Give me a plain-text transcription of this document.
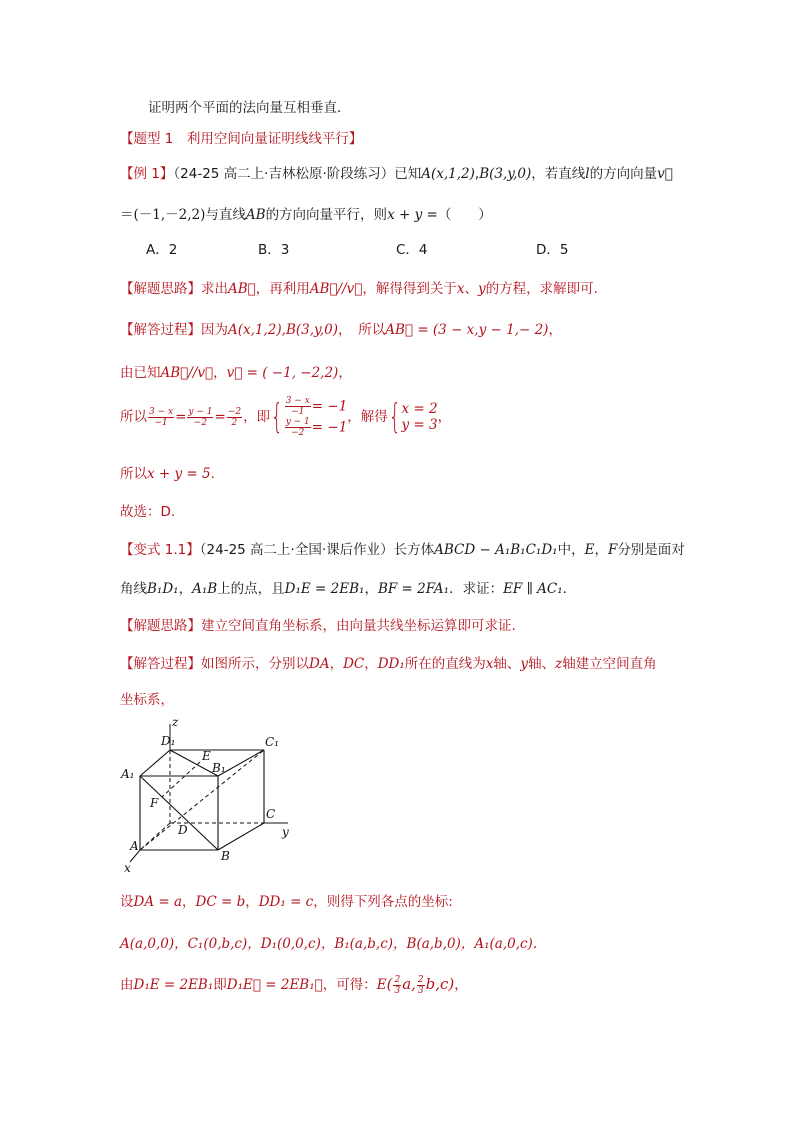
证明两个平面的法向量互相垂直．
【题型 1　利用空间向量证明线线平行】
【例 1】（24-25 高二上·吉林松原·阶段练习）已知A(x,1,2),B(3,y,0)，若直线l的方向向量v⃗
＝(－1,－2,2)与直线AB的方向向量平行，则x + y =（　　）
A．2	B．3	C．4	D．5
【解题思路】求出AB⃗，再利用AB⃗//v⃗，解得得到关于x、y的方程，求解即可.
【解答过程】因为A(x,1,2),B(3,y,0)，　所以AB⃗ = (3 − x,y − 1,− 2)，
由已知AB⃗//v⃗，v⃗ = ( −1, −2,2)，
所以 $\frac{3 - x}{-1} = \frac{y - 1}{-2} = \frac{-2}{2}$ ，即{ $\frac{3 - x}{-1} = -1$
$\frac{y - 1}{-2} = -1$
，解得{ x = 2
y = 3 ，
所以x + y = 5.
故选：D.
【变式 1.1】（24-25 高二上·全国·课后作业）长方体ABCD − A₁B₁C₁D₁中，E，F分别是面对
角线B₁D₁，A₁B上的点，且D₁E = 2EB₁，BF = 2FA₁．求证：EF ∥ AC₁．
【解题思路】建立空间直角坐标系，由向量共线坐标运算即可求证.
【解答过程】如图所示，分别以DA，DC，DD₁所在的直线为x轴、y轴、z轴建立空间直角
坐标系，
z
D₁
E
B₁
C₁
A₁
F
D
C
y
A
B
x
设DA = a，DC = b，DD₁ = c，则得下列各点的坐标:
A(a,0,0)，C₁(0,b,c)，D₁(0,0,c)，B₁(a,b,c)，B(a,b,0)，A₁(a,0,c).
由D₁E = 2EB₁即D₁E⃗ = 2EB₁⃗，可得：$E( \frac{2}{3} a$, $\frac{2}{3} b,c$)，
